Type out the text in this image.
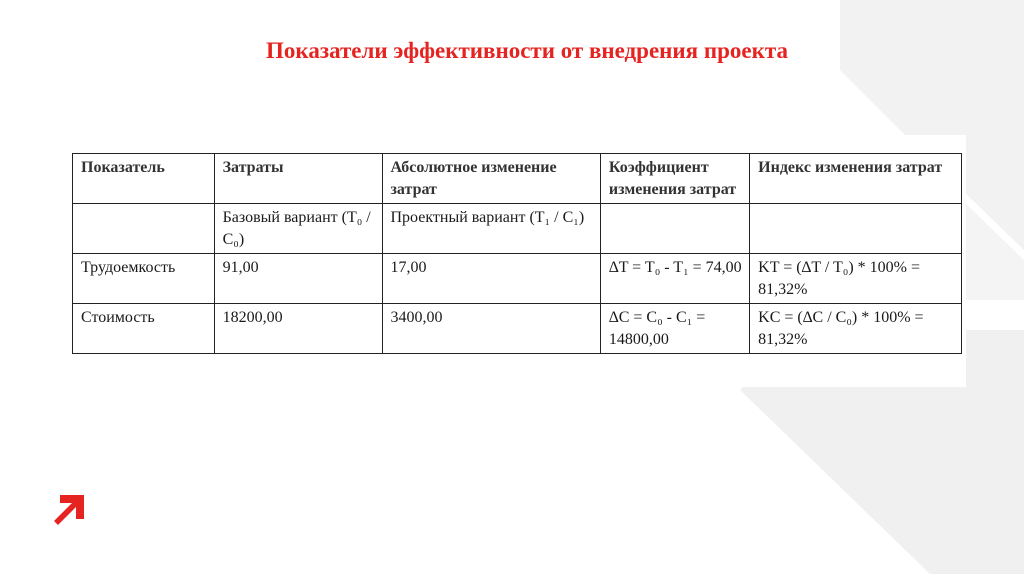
Показатели эффективности от внедрения проекта
Показатель	Затраты	Абсолютное изменение затрат	Коэффициент изменения затрат	Индекс изменения затрат
	Базовый вариант (T₀ / C₀)	Проектный вариант (T₁ / C₁)		
Трудоемкость	91,00	17,00	∆T = T₀ - T₁ = 74,00	KT = (∆T / T₀) * 100% = 81,32%
Стоимость	18200,00	3400,00	∆C = C₀ - C₁ = 14800,00	KC = (∆C / C₀) * 100% = 81,32%
